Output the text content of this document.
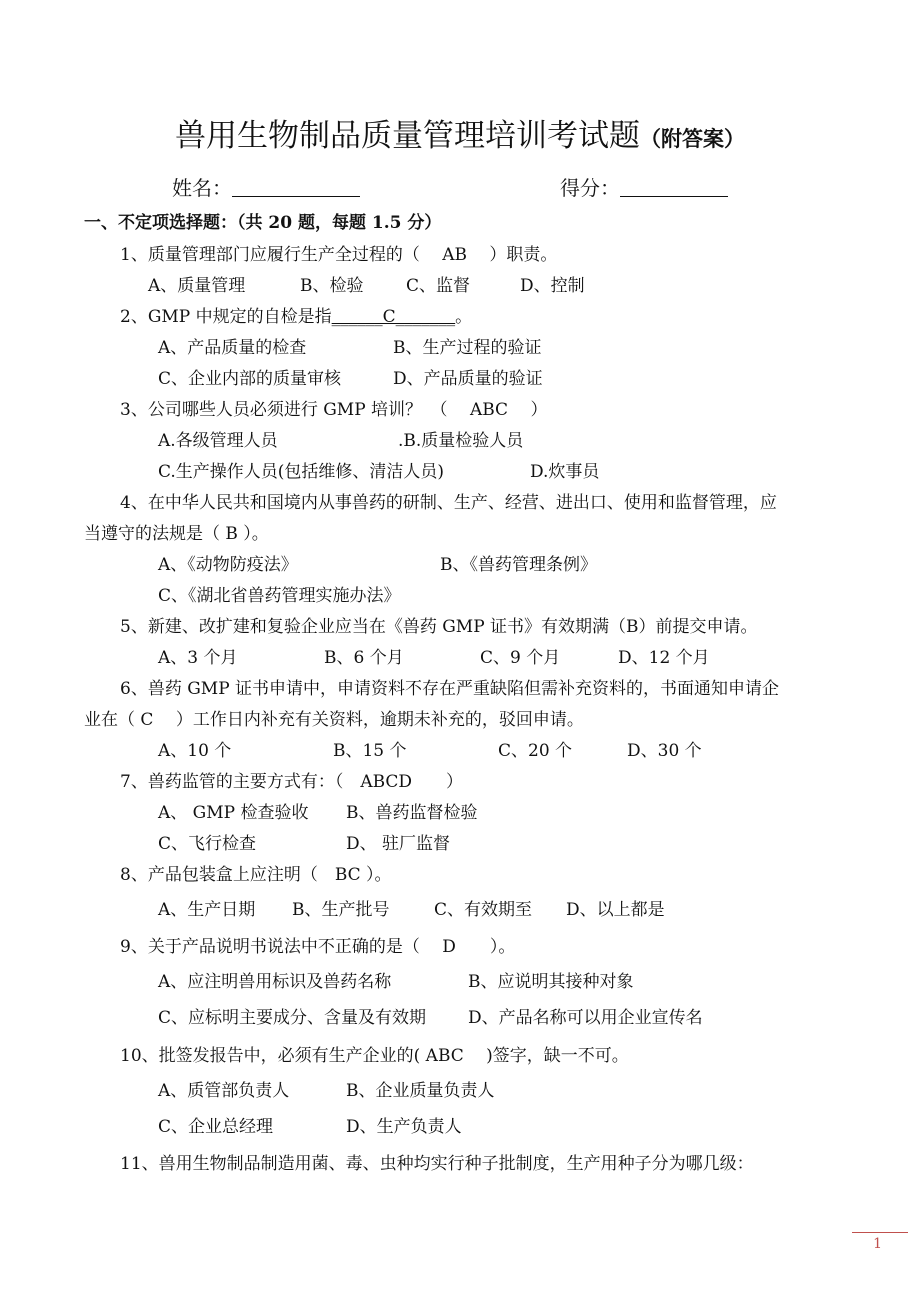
兽用生物制品质量管理培训考试题（附答案）
姓名：	得分：
一、不定项选择题：（共 20 题，每题 1.5 分）
1、质量管理部门应履行生产全过程的（　 AB 　）职责。
A、质量管理	B、检验	C、监督	D、控制
2、GMP 中规定的自检是指______C_______。
A、产品质量的检查	B、生产过程的验证
C、企业内部的质量审核	D、产品质量的验证
3、公司哪些人员必须进行 GMP 培训？　（　 ABC 　）
A.各级管理人员	.B.质量检验人员
C.生产操作人员(包括维修、清洁人员)	D.炊事员
4、在中华人民共和国境内从事兽药的研制、生产、经营、进出口、使用和监督管理，应
当遵守的法规是（ B ）。
A、《动物防疫法》	B、《兽药管理条例》
C、《湖北省兽药管理实施办法》
5、新建、改扩建和复验企业应当在《兽药 GMP 证书》有效期满（B）前提交申请。
A、3 个月	B、6 个月	C、9 个月	D、12 个月
6、兽药 GMP 证书申请中，申请资料不存在严重缺陷但需补充资料的，书面通知申请企
业在（ C 　）工作日内补充有关资料，逾期未补充的，驳回申请。
A、10 个	B、15 个	C、20 个	D、30 个
7、兽药监管的主要方式有：（　ABCD　　）
A、 GMP 检查验收 B、兽药监督检验
C、飞行检查	D、 驻厂监督
8、产品包装盒上应注明（　BC ）。
A、生产日期 B、生产批号	C、有效期至 D、以上都是
9、关于产品说明书说法中不正确的是（　 D　　）。
A、应注明兽用标识及兽药名称	B、应说明其接种对象
C、应标明主要成分、含量及有效期 D、产品名称可以用企业宣传名
10、批签发报告中，必须有生产企业的( ABC 　)签字，缺一不可。
A、质管部负责人	B、企业质量负责人
C、企业总经理	D、生产负责人
11、兽用生物制品制造用菌、毒、虫种均实行种子批制度，生产用种子分为哪几级：
1
